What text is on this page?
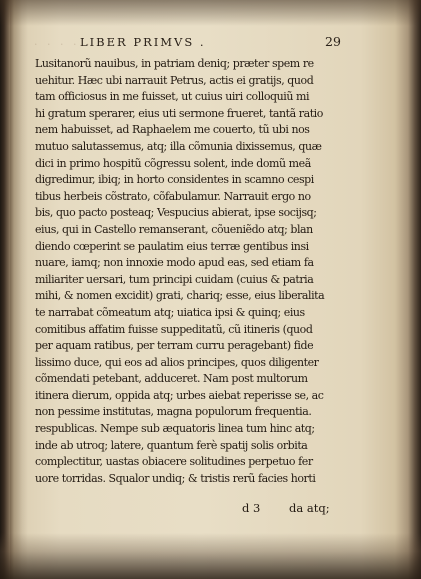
· · · · ·
LIBER PRIMVS .	29
Lusitanorũ nauibus, in patriam deniq; præter spem re
uehitur. Hæc ubi narrauit Petrus, actis ei gratijs, quod
tam officiosus in me fuisset, ut cuius uiri colloquiũ mi
hi gratum sperarer, eius uti sermone frueret, tantã ratio
nem habuisset, ad Raphaelem me couerto, tũ ubi nos
mutuo salutassemus, atq; illa cõmunia dixissemus, quæ
dici in primo hospitũ cõgressu solent, inde domũ meã
digredimur, ibiq; in horto considentes in scamno cespi
tibus herbeis cõstrato, cõfabulamur. Narrauit ergo no
bis, quo pacto posteaq; Vespucius abierat, ipse socijsq;
eius, qui in Castello remanserant, cõueniẽdo atq; blan
diendo cœperint se paulatim eius terræ gentibus insi
nuare, iamq; non innoxie modo apud eas, sed etiam fa
miliariter uersari, tum principi cuidam (cuius & patria
mihi, & nomen excidit) grati, chariq; esse, eius liberalita
te narrabat cõmeatum atq; uiatica ipsi & quinq; eius
comitibus affatim fuisse suppeditatũ, cũ itineris (quod
per aquam ratibus, per terram curru peragebant) fide
lissimo duce, qui eos ad alios principes, quos diligenter
cõmendati petebant, adduceret. Nam post multorum
itinera dierum, oppida atq; urbes aiebat reperisse se, ac
non pessime institutas, magna populorum frequentia.
respublicas. Nempe sub æquatoris linea tum hinc atq;
inde ab utroq; latere, quantum ferè spatij solis orbita
complectitur, uastas obiacere solitudines perpetuo fer
uore torridas. Squalor undiq; & tristis rerũ facies horti
d 3 da atq;
